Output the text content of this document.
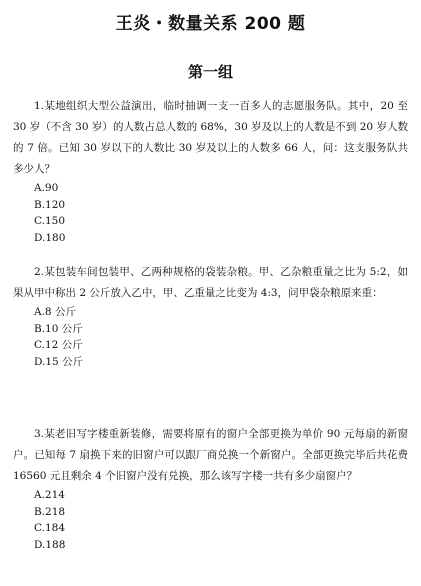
王炎・数量关系 200 题
第一组

1.某地组织大型公益演出，临时抽调一支一百多人的志愿服务队。其中，20 至 30 岁（不含 30 岁）的人数占总人数的 68%，30 岁及以上的人数是不到 20 岁人数的 7 倍。已知 30 岁以下的人数比 30 岁及以上的人数多 66 人，问：这支服务队共多少人？

A.90
B.120
C.150
D.180

2.某包装车间包装甲、乙两种规格的袋装杂粮。甲、乙杂粮重量之比为 5:2，如果从甲中称出 2 公斤放入乙中，甲、乙重量之比变为 4:3，问甲袋杂粮原来重：

A.8 公斤
B.10 公斤
C.12 公斤
D.15 公斤

3.某老旧写字楼重新装修，需要将原有的窗户全部更换为单价 90 元每扇的新窗户。已知每 7 扇换下来的旧窗户可以跟厂商兑换一个新窗户。全部更换完毕后共花费 16560 元且剩余 4 个旧窗户没有兑换，那么该写字楼一共有多少扇窗户？

A.214
B.218
C.184
D.188
